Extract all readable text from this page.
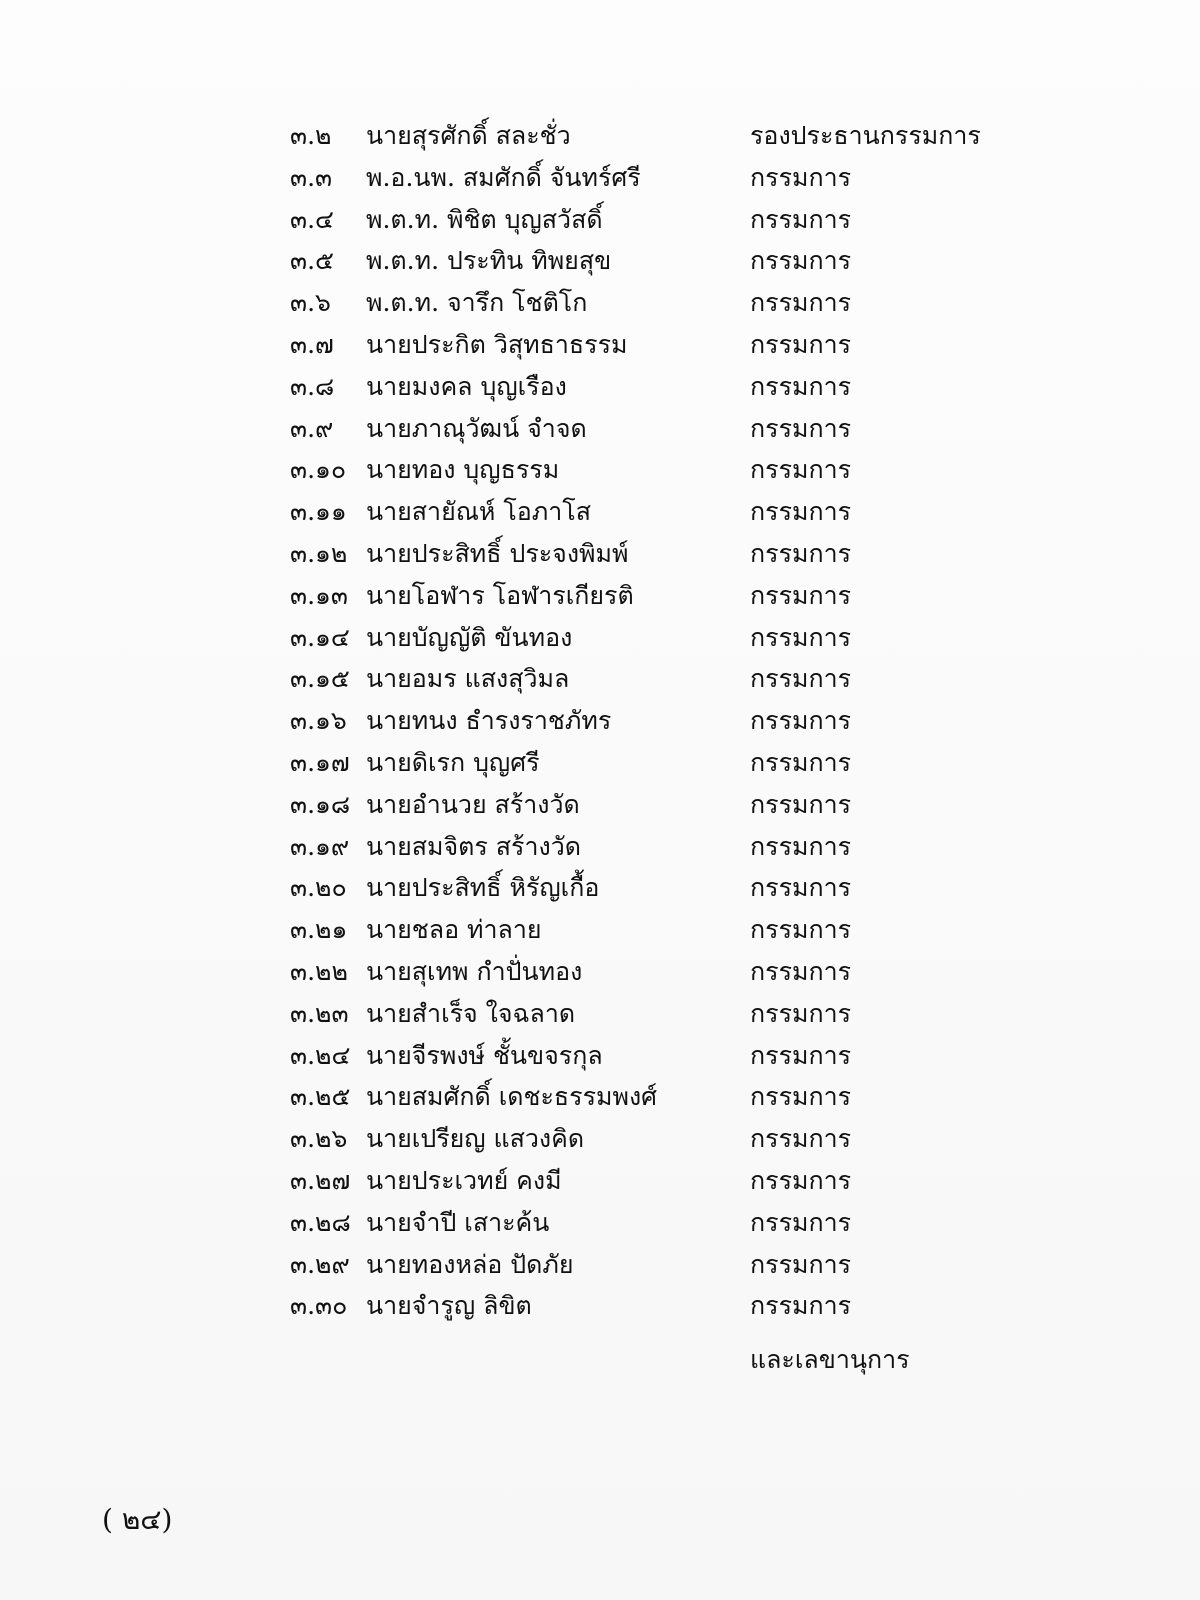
๓.๒ นายสุรศักดิ์ สละชั่ว	รองประธานกรรมการ
๓.๓ พ.อ.นพ. สมศักดิ์ จันทร์ศรี	กรรมการ
๓.๔ พ.ต.ท. พิชิต บุญสวัสดิ์	กรรมการ
๓.๕ พ.ต.ท. ประทิน ทิพยสุข	กรรมการ
๓.๖ พ.ต.ท. จารึก โชติโก	กรรมการ
๓.๗ นายประกิต วิสุทธาธรรม	กรรมการ
๓.๘ นายมงคล บุญเรือง	กรรมการ
๓.๙ นายภาณุวัฒน์ จำจด	กรรมการ
๓.๑๐ นายทอง บุญธรรม	กรรมการ
๓.๑๑ นายสายัณห์ โอภาโส	กรรมการ
๓.๑๒ นายประสิทธิ์ ประจงพิมพ์	กรรมการ
๓.๑๓ นายโอฬาร โอฬารเกียรติ	กรรมการ
๓.๑๔ นายบัญญัติ ขันทอง	กรรมการ
๓.๑๕ นายอมร แสงสุวิมล	กรรมการ
๓.๑๖ นายทนง ธำรงราชภัทร	กรรมการ
๓.๑๗ นายดิเรก บุญศรี	กรรมการ
๓.๑๘ นายอำนวย สร้างวัด	กรรมการ
๓.๑๙ นายสมจิตร สร้างวัด	กรรมการ
๓.๒๐ นายประสิทธิ์ หิรัญเกื้อ	กรรมการ
๓.๒๑ นายชลอ ท่าลาย	กรรมการ
๓.๒๒ นายสุเทพ กำปั่นทอง	กรรมการ
๓.๒๓ นายสำเร็จ ใจฉลาด	กรรมการ
๓.๒๔ นายจีรพงษ์ ชั้นขจรกุล	กรรมการ
๓.๒๕ นายสมศักดิ์ เดชะธรรมพงศ์	กรรมการ
๓.๒๖ นายเปรียญ แสวงคิด	กรรมการ
๓.๒๗ นายประเวทย์ คงมี	กรรมการ
๓.๒๘ นายจำปี เสาะค้น	กรรมการ
๓.๒๙ นายทองหล่อ ปัดภัย	กรรมการ
๓.๓๐ นายจำรูญ ลิขิต	กรรมการ
และเลขานุการ
( ๒๔)
